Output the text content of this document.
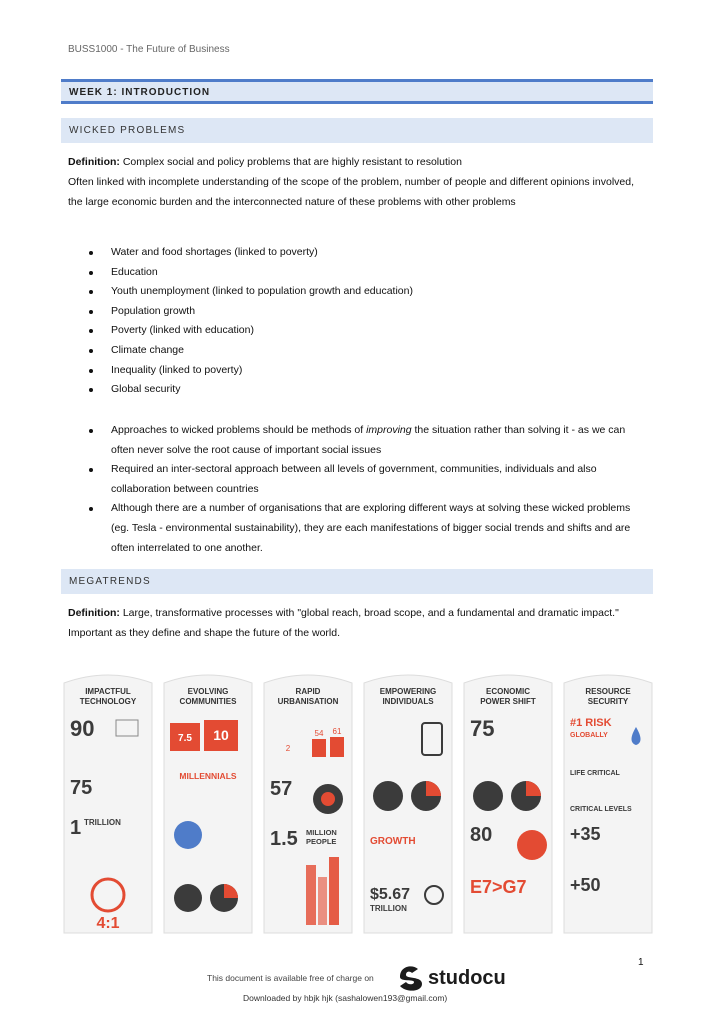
BUSS1000 - The Future of Business
WEEK 1: INTRODUCTION
WICKED PROBLEMS
Definition: Complex social and policy problems that are highly resistant to resolution
Often linked with incomplete understanding of the scope of the problem, number of people and different opinions involved, the large economic burden and the interconnected nature of these problems with other problems
Water and food shortages (linked to poverty)
Education
Youth unemployment (linked to population growth and education)
Population growth
Poverty (linked with education)
Climate change
Inequality (linked to poverty)
Global security
Approaches to wicked problems should be methods of improving the situation rather than solving it - as we can often never solve the root cause of important social issues
Required an inter-sectoral approach between all levels of government, communities, individuals and also collaboration between countries
Although there are a number of organisations that are exploring different ways at solving these wicked problems (eg. Tesla - environmental sustainability), they are each manifestations of bigger social trends and shifts and are often interrelated to one another.
MEGATRENDS
Definition: Large, transformative processes with "global reach, broad scope, and a fundamental and dramatic impact." Important as they define and shape the future of the world.
IMPACTFUL
TECHNOLOGY
90
75
1 TRILLION
4:1
EVOLVING
COMMUNITIES
7.5 10
MILLENNIALS
RAPID
URBANISATION
54 61
2
57
1.5 MILLION
PEOPLE
EMPOWERING
INDIVIDUALS
GROWTH
$5.67
TRILLION
ECONOMIC
POWER SHIFT
75
80
E7>G7
RESOURCE
SECURITY
#1 RISK
GLOBALLY
LIFE CRITICAL
CRITICAL LEVELS
+35
+50
1
This document is available free of charge on	studocu
Downloaded by hbjk hjk (sashalowen193@gmail.com)
